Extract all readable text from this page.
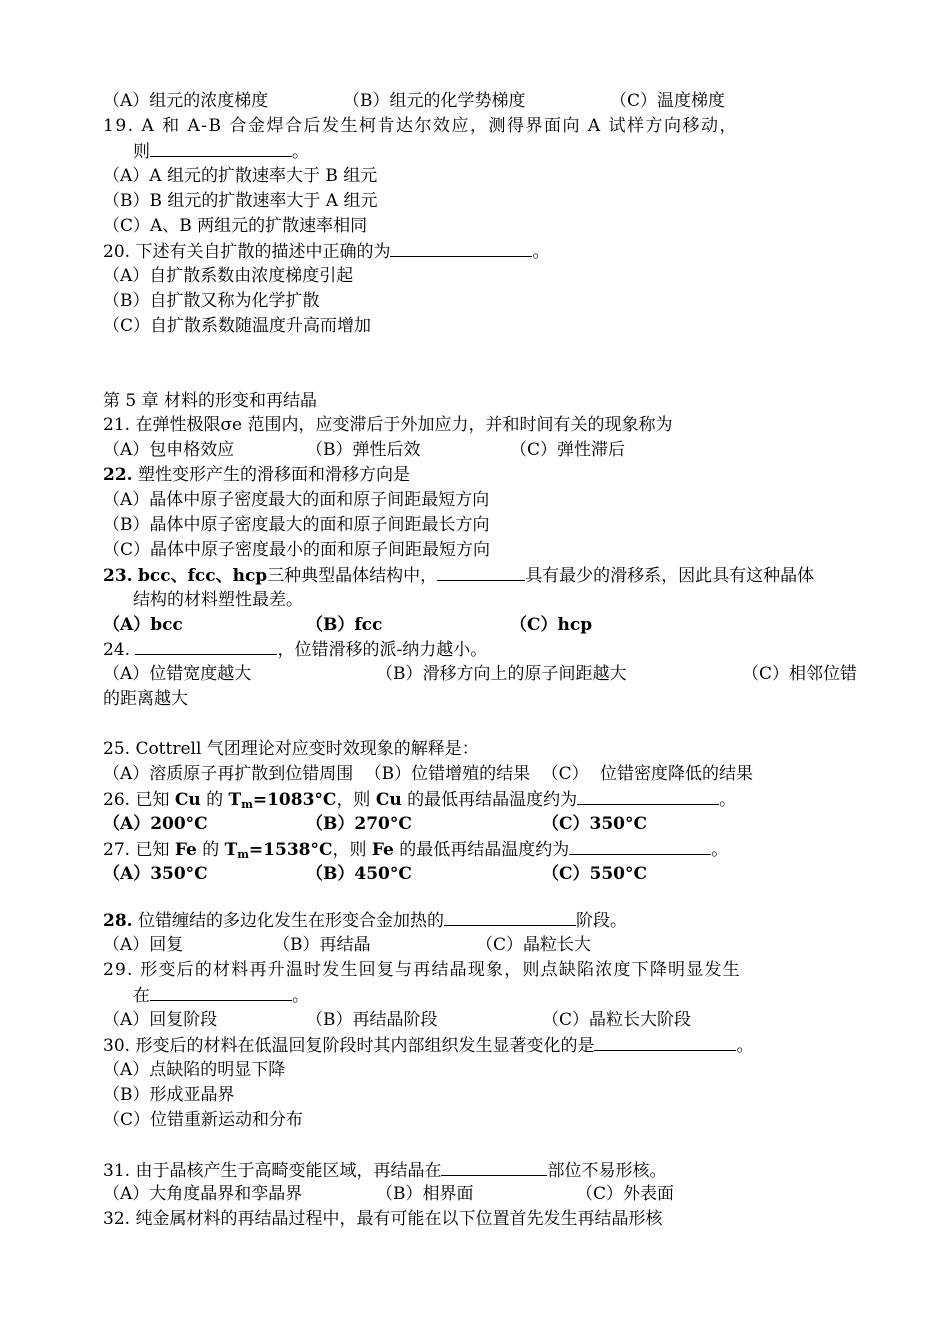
（A）组元的浓度梯度	（B）组元的化学势梯度	（C）温度梯度
19. A 和 A-B 合金焊合后发生柯肯达尔效应，测得界面向 A 试样方向移动，
则	。
（A）A 组元的扩散速率大于 B 组元
（B）B 组元的扩散速率大于 A 组元
（C）A、B 两组元的扩散速率相同
20. 下述有关自扩散的描述中正确的为	。
（A）自扩散系数由浓度梯度引起
（B）自扩散又称为化学扩散
（C）自扩散系数随温度升高而增加
第 5 章 材料的形变和再结晶
21. 在弹性极限σe 范围内，应变滞后于外加应力，并和时间有关的现象称为
（A）包申格效应	（B）弹性后效	（C）弹性滞后
22. 塑性变形产生的滑移面和滑移方向是
（A）晶体中原子密度最大的面和原子间距最短方向
（B）晶体中原子密度最大的面和原子间距最长方向
（C）晶体中原子密度最小的面和原子间距最短方向
23. bcc、fcc、hcp三种典型晶体结构中，	具有最少的滑移系，因此具有这种晶体
结构的材料塑性最差。
（A）bcc	（B）fcc	（C）hcp
24.	，位错滑移的派-纳力越小。
（A）位错宽度越大	（B）滑移方向上的原子间距越大	（C）相邻位错
的距离越大
25. Cottrell 气团理论对应变时效现象的解释是：
（A）溶质原子再扩散到位错周围 （B）位错增殖的结果 （C） 位错密度降低的结果
26. 已知 Cu 的 $T_m=1083^\circ C$，则 Cu 的最低再结晶温度约为	。
（A）200°C	（B）270°C	（C）350°C
27. 已知 Fe 的 $T_m=1538^\circ C$，则 Fe 的最低再结晶温度约为	。
（A）350°C	（B）450°C	（C）550°C
28. 位错缠结的多边化发生在形变合金加热的	阶段。
（A）回复	（B）再结晶	（C）晶粒长大
29. 形变后的材料再升温时发生回复与再结晶现象，则点缺陷浓度下降明显发生
在	。
（A）回复阶段	（B）再结晶阶段	（C）晶粒长大阶段
30. 形变后的材料在低温回复阶段时其内部组织发生显著变化的是	。
（A）点缺陷的明显下降
（B）形成亚晶界
（C）位错重新运动和分布
31. 由于晶核产生于高畸变能区域，再结晶在	部位不易形核。
（A）大角度晶界和孪晶界	（B）相界面	（C）外表面
32. 纯金属材料的再结晶过程中，最有可能在以下位置首先发生再结晶形核
